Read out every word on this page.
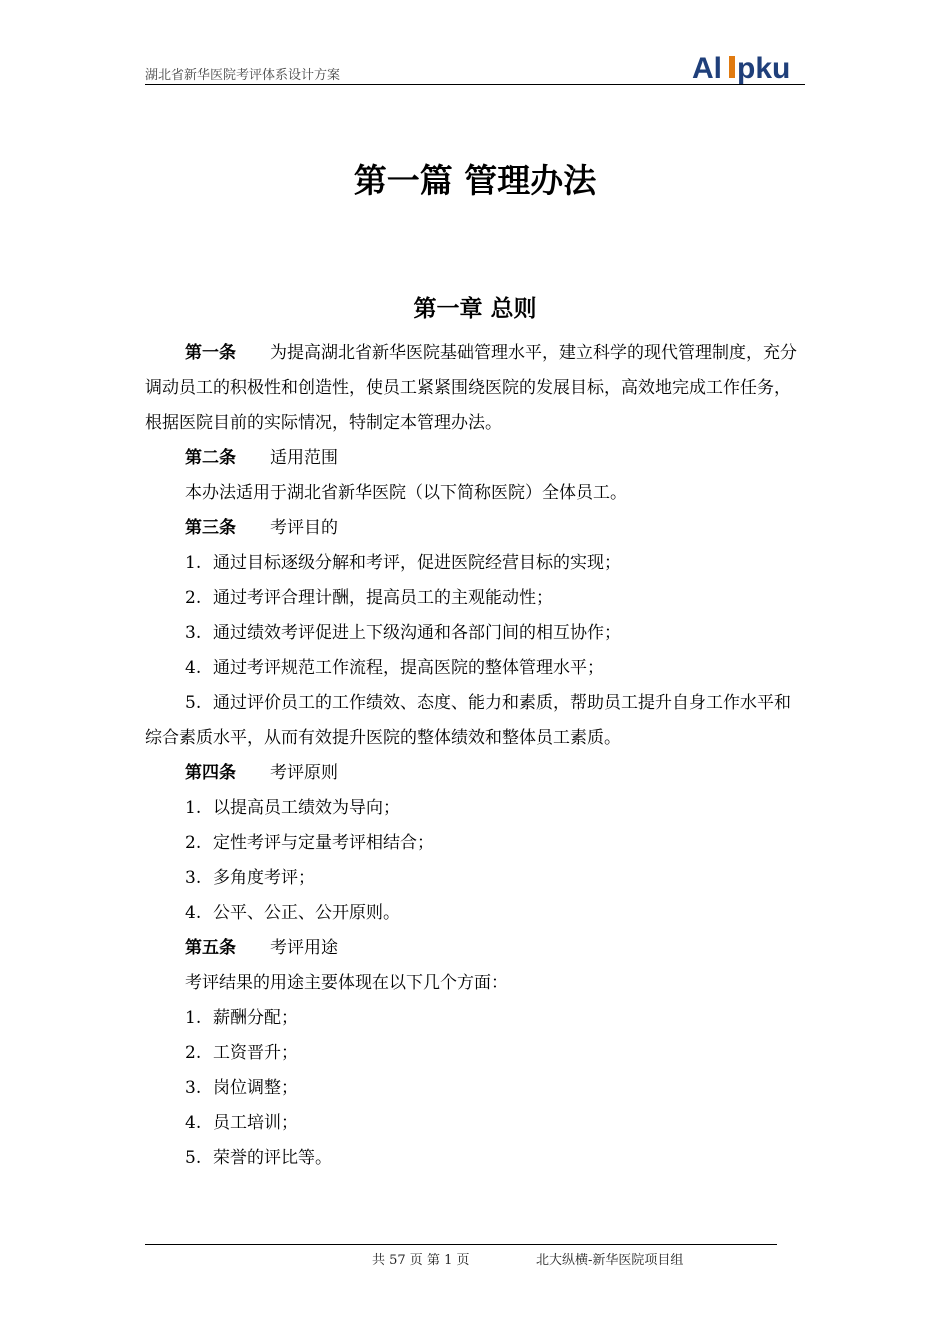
湖北省新华医院考评体系设计方案	Al pku
第一篇 管理办法
第一章 总则

第一条 为提高湖北省新华医院基础管理水平，建立科学的现代管理制度，充分调动员工的积极性和创造性，使员工紧紧围绕医院的发展目标，高效地完成工作任务，根据医院目前的实际情况，特制定本管理办法。

第二条 适用范围

本办法适用于湖北省新华医院（以下简称医院）全体员工。

第三条 考评目的

1. 通过目标逐级分解和考评，促进医院经营目标的实现；

2. 通过考评合理计酬，提高员工的主观能动性；

3. 通过绩效考评促进上下级沟通和各部门间的相互协作；

4. 通过考评规范工作流程，提高医院的整体管理水平；

5. 通过评价员工的工作绩效、态度、能力和素质，帮助员工提升自身工作水平和综合素质水平，从而有效提升医院的整体绩效和整体员工素质。

第四条 考评原则

1. 以提高员工绩效为导向；

2. 定性考评与定量考评相结合；

3. 多角度考评；

4. 公平、公正、公开原则。

第五条 考评用途

考评结果的用途主要体现在以下几个方面：

1. 薪酬分配；

2. 工资晋升；

3. 岗位调整；

4. 员工培训；

5. 荣誉的评比等。

共 57 页 第 1 页	北大纵横-新华医院项目组
